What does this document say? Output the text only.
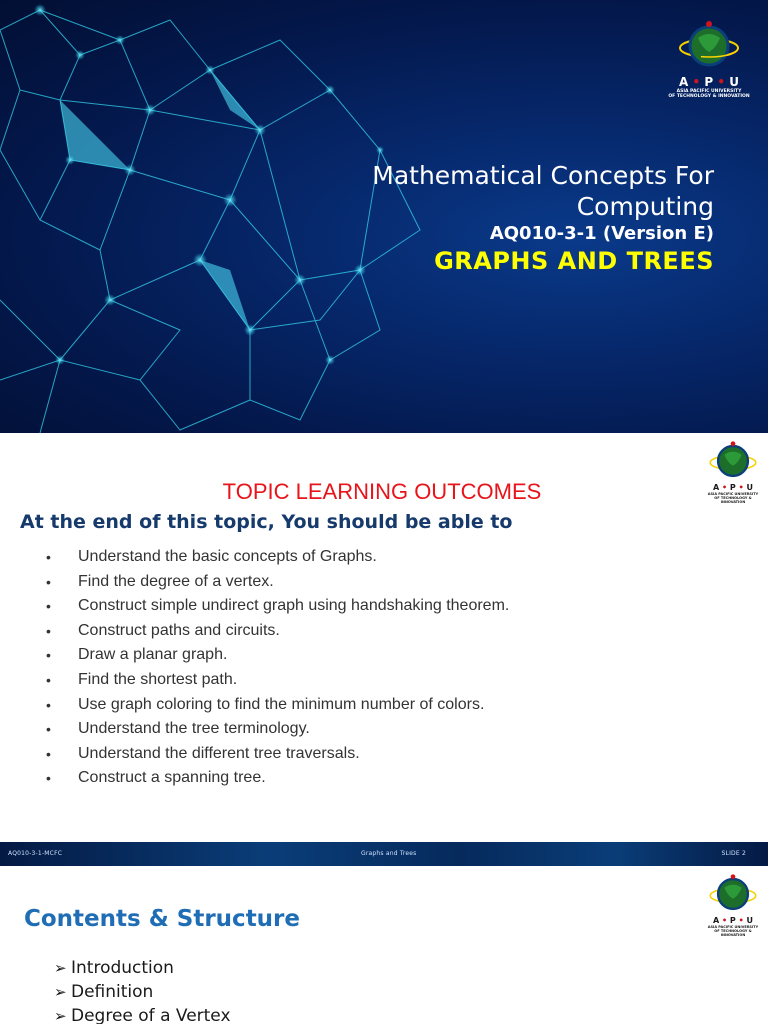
A • P • U
ASIA PACIFIC UNIVERSITY
OF TECHNOLOGY & INNOVATION
Mathematical Concepts For
Computing
AQ010-3-1 (Version E)
GRAPHS AND TREES
A • P • U
ASIA PACIFIC UNIVERSITY
OF TECHNOLOGY & INNOVATION
TOPIC LEARNING OUTCOMES
At the end of this topic, You should be able to
• Understand the basic concepts of Graphs.
• Find the degree of a vertex.
• Construct simple undirect graph using handshaking theorem.
• Construct paths and circuits.
• Draw a planar graph.
• Find the shortest path.
• Use graph coloring to find the minimum number of colors.
• Understand the tree terminology.
• Understand the different tree traversals.
• Construct a spanning tree.
AQ010-3-1-MCFC	Graphs and Trees	SLIDE 2
A • P • U
ASIA PACIFIC UNIVERSITY
OF TECHNOLOGY & INNOVATION
Contents & Structure
➢ Introduction
➢ Definition
➢ Degree of a Vertex
